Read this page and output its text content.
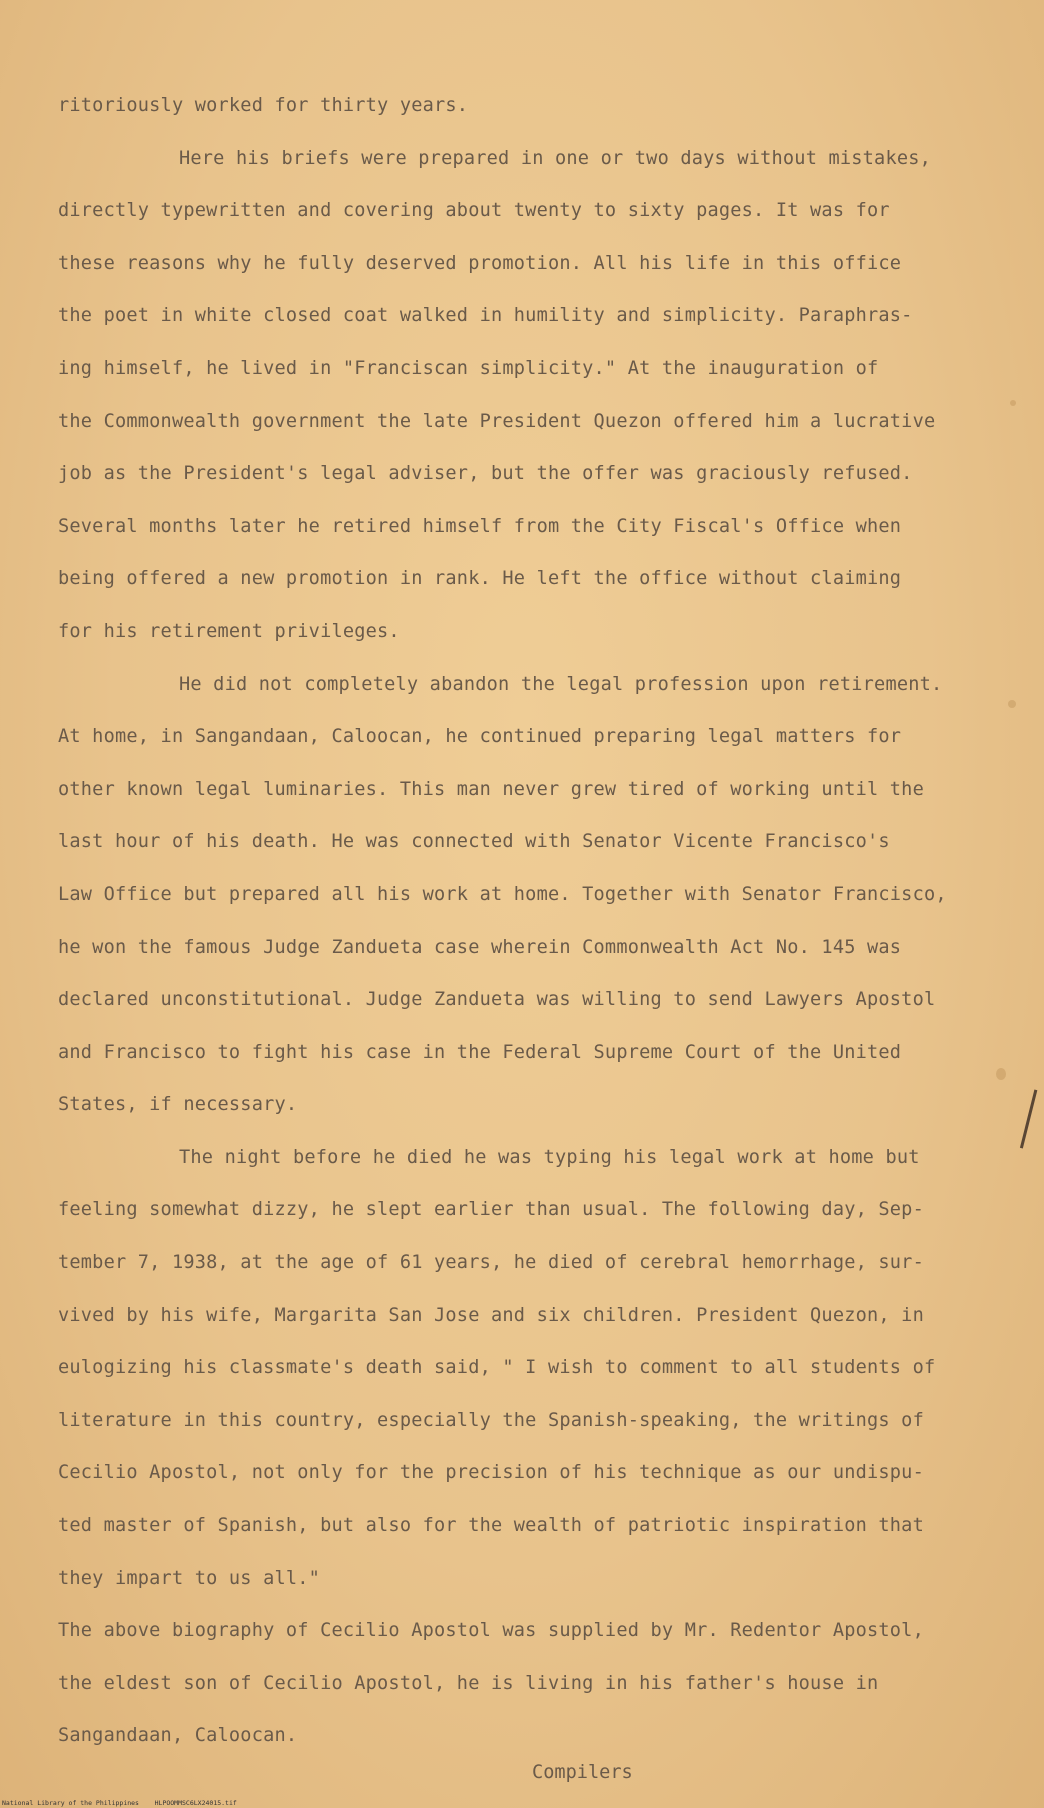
ritoriously worked for thirty years.
Here his briefs were prepared in one or two days without mistakes,
directly typewritten and covering about twenty to sixty pages. It was for
these reasons why he fully deserved promotion. All his life in this office
the poet in white closed coat walked in humility and simplicity. Paraphras-
ing himself, he lived in "Franciscan simplicity." At the inauguration of
the Commonwealth government the late President Quezon offered him a lucrative
job as the President's legal adviser, but the offer was graciously refused.
Several months later he retired himself from the City Fiscal's Office when
being offered a new promotion in rank. He left the office without claiming
for his retirement privileges.
He did not completely abandon the legal profession upon retirement.
At home, in Sangandaan, Caloocan, he continued preparing legal matters for
other known legal luminaries. This man never grew tired of working until the
last hour of his death. He was connected with Senator Vicente Francisco's
Law Office but prepared all his work at home. Together with Senator Francisco,
he won the famous Judge Zandueta case wherein Commonwealth Act No. 145 was
declared unconstitutional. Judge Zandueta was willing to send Lawyers Apostol
and Francisco to fight his case in the Federal Supreme Court of the United
States, if necessary.
The night before he died he was typing his legal work at home but
feeling somewhat dizzy, he slept earlier than usual. The following day, Sep-
tember 7, 1938, at the age of 61 years, he died of cerebral hemorrhage, sur-
vived by his wife, Margarita San Jose and six children. President Quezon, in
eulogizing his classmate's death said, " I wish to comment to all students of
literature in this country, especially the Spanish-speaking, the writings of
Cecilio Apostol, not only for the precision of his technique as our undispu-
ted master of Spanish, but also for the wealth of patriotic inspiration that
they impart to us all."
The above biography of Cecilio Apostol was supplied by Mr. Redentor Apostol,
the eldest son of Cecilio Apostol, he is living in his father's house in
Sangandaan, Caloocan.
Compilers
National Library of the Philippines    HLPOOMMSC6LX24015.tif
